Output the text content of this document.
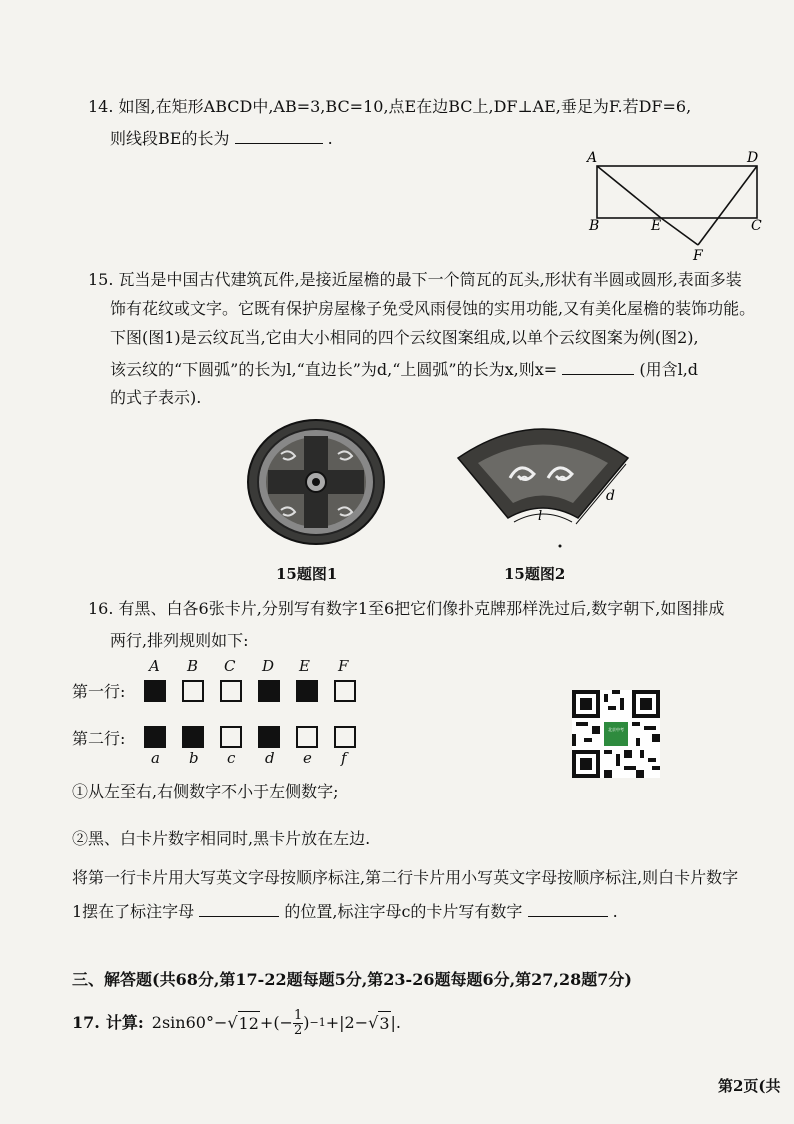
14. 如图,在矩形ABCD中,AB=3,BC=10,点E在边BC上,DF⊥AE,垂足为F.若DF=6,
则线段BE的长为	.
A	D
B	E	C
F
15. 瓦当是中国古代建筑瓦件,是接近屋檐的最下一个筒瓦的瓦头,形状有半圆或圆形,表面多装
饰有花纹或文字。它既有保护房屋椽子免受风雨侵蚀的实用功能,又有美化屋檐的装饰功能。
下图(图1)是云纹瓦当,它由大小相同的四个云纹图案组成,以单个云纹图案为例(图2),
该云纹的“下圆弧”的长为l,“直边长”为d,“上圆弧”的长为x,则x=	(用含l,d
的式子表示).
d
l
15题图1	15题图2
16. 有黑、白各6张卡片,分别写有数字1至6把它们像扑克牌那样洗过后,数字朝下,如图排成
两行,排列规则如下:
第一行:
第二行:
A B C D E F
a b c d e f
北京中考
①从左至右,右侧数字不小于左侧数字;
②黑、白卡片数字相同时,黑卡片放在左边.
将第一行卡片用大写英文字母按顺序标注,第二行卡片用小写英文字母按顺序标注,则白卡片数字
1摆在了标注字母	的位置,标注字母c的卡片写有数字	.
三、解答题(共68分,第17-22题每题5分,第23-26题每题6分,第27,28题7分)
17. 计算: 2sin60°− √ 12 +(− $\frac{1}{2}$ ) −1 +|2− √ 3 |.
第2页(共
